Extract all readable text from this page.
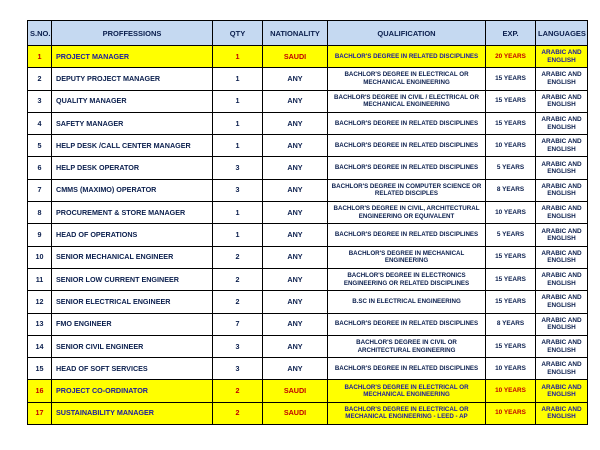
S.NO.	PROFFESSIONS	QTY	NATIONALITY	QUALIFICATION	EXP.	LANGUAGES
1	PROJECT MANAGER	1	SAUDI	BACHLOR'S DEGREE IN RELATED DISCIPLINES	20 YEARS	ARABIC AND ENGLISH
2	DEPUTY PROJECT MANAGER	1	ANY	BACHLOR'S DEGREE IN ELECTRICAL OR MECHANICAL ENGINEERING	15 YEARS	ARABIC AND ENGLISH
3	QUALITY MANAGER	1	ANY	BACHLOR'S DEGREE IN CIVIL / ELECTRICAL OR MECHANICAL ENGINEERING	15 YEARS	ARABIC AND ENGLISH
4	SAFETY MANAGER	1	ANY	BACHLOR'S DEGREE IN RELATED DISCIPLINES	15 YEARS	ARABIC AND ENGLISH
5	HELP DESK /CALL CENTER MANAGER	1	ANY	BACHLOR'S DEGREE IN RELATED DISCIPLINES	10 YEARS	ARABIC AND ENGLISH
6	HELP DESK OPERATOR	3	ANY	BACHLOR'S DEGREE IN RELATED DISCIPLINES	5 YEARS	ARABIC AND ENGLISH
7	CMMS (MAXIMO) OPERATOR	3	ANY	BACHLOR'S DEGREE IN COMPUTER SCIENCE OR RELATED DISCIPLES	8 YEARS	ARABIC AND ENGLISH
8	PROCUREMENT & STORE MANAGER	1	ANY	BACHLOR'S DEGREE IN CIVIL, ARCHITECTURAL ENGINEERING OR EQUIVALENT	10 YEARS	ARABIC AND ENGLISH
9	HEAD OF OPERATIONS	1	ANY	BACHLOR'S DEGREE IN RELATED DISCIPLINES	5 YEARS	ARABIC AND ENGLISH
10	SENIOR MECHANICAL ENGINEER	2	ANY	BACHLOR'S DEGREE IN MECHANICAL ENGINEERING	15 YEARS	ARABIC AND ENGLISH
11	SENIOR LOW CURRENT ENGINEER	2	ANY	BACHLOR'S DEGREE IN ELECTRONICS ENGINEERING OR RELATED DISCIPLINES	15 YEARS	ARABIC AND ENGLISH
12	SENIOR ELECTRICAL ENGINEER	2	ANY	B.SC IN ELECTRICAL ENGINEERING	15 YEARS	ARABIC AND ENGLISH
13	FMO ENGINEER	7	ANY	BACHLOR'S DEGREE IN RELATED DISCIPLINES	8 YEARS	ARABIC AND ENGLISH
14	SENIOR CIVIL ENGINEER	3	ANY	BACHLOR'S DEGREE IN CIVIL OR ARCHITECTURAL ENGINEERING	15 YEARS	ARABIC AND ENGLISH
15	HEAD OF SOFT SERVICES	3	ANY	BACHLOR'S DEGREE IN RELATED DISCIPLINES	10 YEARS	ARABIC AND ENGLISH
16	PROJECT CO-ORDINATOR	2	SAUDI	BACHLOR'S DEGREE IN ELECTRICAL OR MECHANICAL ENGINEERING	10 YEARS	ARABIC AND ENGLISH
17	SUSTAINABILITY MANAGER	2	SAUDI	BACHLOR'S DEGREE IN ELECTRICAL OR MECHANICAL ENGINEERING - LEED - AP	10 YEARS	ARABIC AND ENGLISH
